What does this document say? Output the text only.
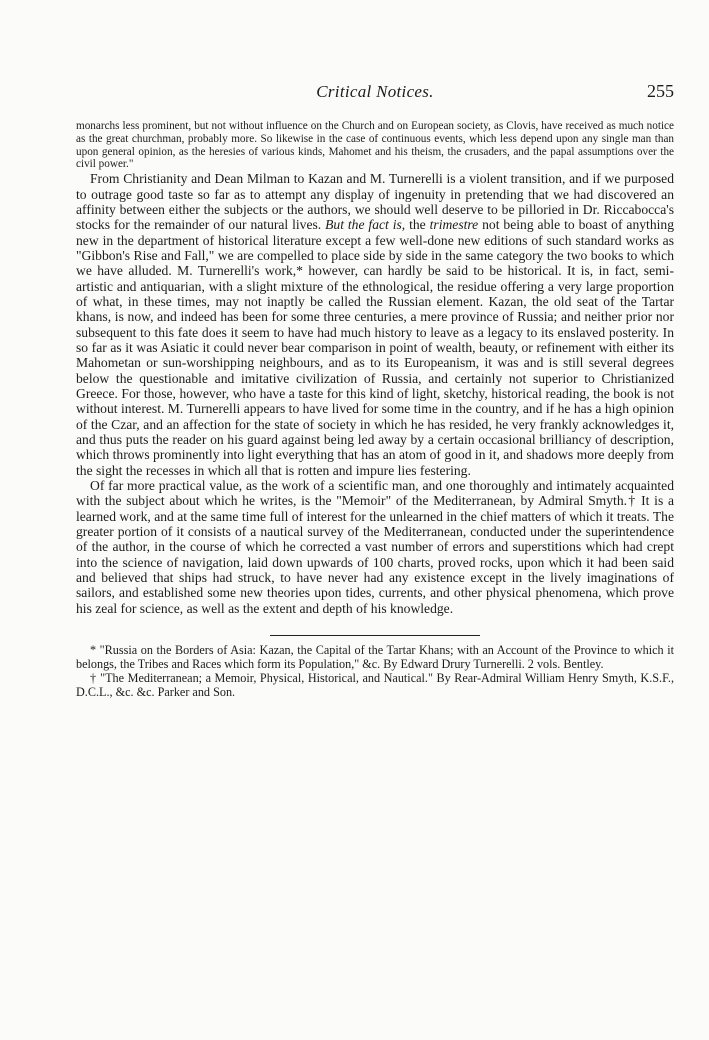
Critical Notices.	255

monarchs less prominent, but not without influence on the Church and on European society, as Clovis, have received as much notice as the great churchman, probably more. So likewise in the case of continuous events, which less depend upon any single man than upon general opinion, as the heresies of various kinds, Mahomet and his theism, the crusaders, and the papal assumptions over the civil power."

From Christianity and Dean Milman to Kazan and M. Turnerelli is a violent transition, and if we purposed to outrage good taste so far as to attempt any display of ingenuity in pretending that we had discovered an affinity between either the subjects or the authors, we should well deserve to be pilloried in Dr. Riccabocca's stocks for the remainder of our natural lives. But the fact is, the trimestre not being able to boast of anything new in the department of historical literature except a few well-done new editions of such standard works as "Gibbon's Rise and Fall," we are compelled to place side by side in the same category the two books to which we have alluded. M. Turnerelli's work,* however, can hardly be said to be historical. It is, in fact, semi-artistic and antiquarian, with a slight mixture of the ethnological, the residue offering a very large proportion of what, in these times, may not inaptly be called the Russian element. Kazan, the old seat of the Tartar khans, is now, and indeed has been for some three centuries, a mere province of Russia; and neither prior nor subsequent to this fate does it seem to have had much history to leave as a legacy to its enslaved posterity. In so far as it was Asiatic it could never bear comparison in point of wealth, beauty, or refinement with either its Mahometan or sun-worshipping neighbours, and as to its Europeanism, it was and is still several degrees below the questionable and imitative civilization of Russia, and certainly not superior to Christianized Greece. For those, however, who have a taste for this kind of light, sketchy, historical reading, the book is not without interest. M. Turnerelli appears to have lived for some time in the country, and if he has a high opinion of the Czar, and an affection for the state of society in which he has resided, he very frankly acknowledges it, and thus puts the reader on his guard against being led away by a certain occasional brilliancy of description, which throws prominently into light everything that has an atom of good in it, and shadows more deeply from the sight the recesses in which all that is rotten and impure lies festering.

Of far more practical value, as the work of a scientific man, and one thoroughly and intimately acquainted with the subject about which he writes, is the "Memoir" of the Mediterranean, by Admiral Smyth.† It is a learned work, and at the same time full of interest for the unlearned in the chief matters of which it treats. The greater portion of it consists of a nautical survey of the Mediterranean, conducted under the superintendence of the author, in the course of which he corrected a vast number of errors and superstitions which had crept into the science of navigation, laid down upwards of 100 charts, proved rocks, upon which it had been said and believed that ships had struck, to have never had any existence except in the lively imaginations of sailors, and established some new theories upon tides, currents, and other physical phenomena, which prove his zeal for science, as well as the extent and depth of his knowledge.

* "Russia on the Borders of Asia: Kazan, the Capital of the Tartar Khans; with an Account of the Province to which it belongs, the Tribes and Races which form its Population," &c. By Edward Drury Turnerelli. 2 vols. Bentley.

† "The Mediterranean; a Memoir, Physical, Historical, and Nautical." By Rear-Admiral William Henry Smyth, K.S.F., D.C.L., &c. &c. Parker and Son.
